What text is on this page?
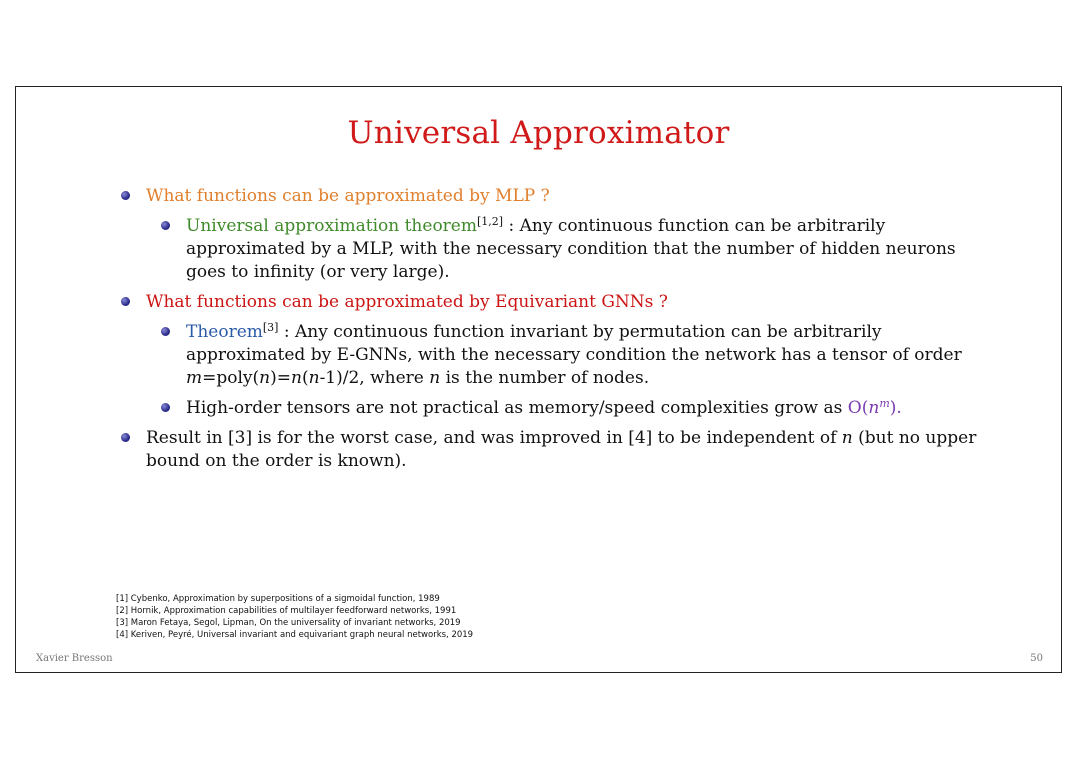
Universal Approximator
What functions can be approximated by MLP ?
Universal approximation theorem[1,2] : Any continuous function can be arbitrarily approximated by a MLP, with the necessary condition that the number of hidden neurons goes to infinity (or very large).
What functions can be approximated by Equivariant GNNs ?
Theorem[3] : Any continuous function invariant by permutation can be arbitrarily approximated by E-GNNs, with the necessary condition the network has a tensor of order m=poly(n)=n(n-1)/2, where n is the number of nodes.
High-order tensors are not practical as memory/speed complexities grow as $O(n^m)$.
Result in [3] is for the worst case, and was improved in [4] to be independent of n (but no upper bound on the order is known).
[1] Cybenko, Approximation by superpositions of a sigmoidal function, 1989
[2] Hornik, Approximation capabilities of multilayer feedforward networks, 1991
[3] Maron Fetaya, Segol, Lipman, On the universality of invariant networks, 2019
[4] Keriven, Peyré, Universal invariant and equivariant graph neural networks, 2019
Xavier Bresson	50
